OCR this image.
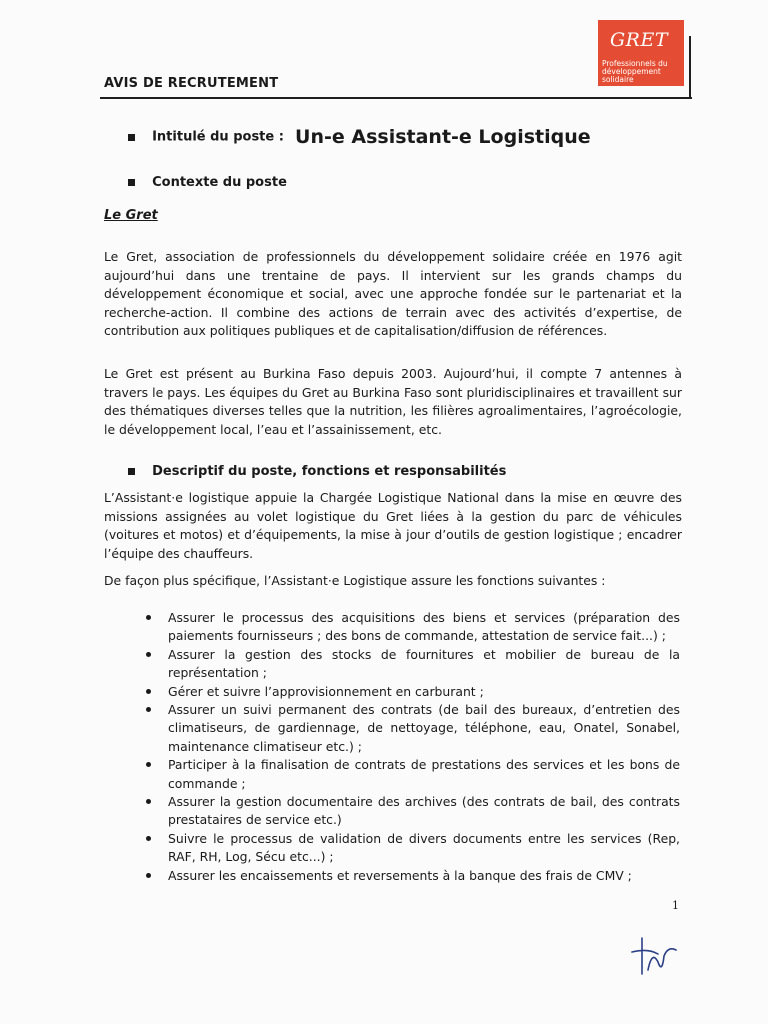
GRET
Professionnels du développement solidaire
AVIS DE RECRUTEMENT
Intitulé du poste : Un-e Assistant-e Logistique
Contexte du poste
Le Gret

Le Gret, association de professionnels du développement solidaire créée en 1976 agit aujourd’hui dans une trentaine de pays. Il intervient sur les grands champs du développement économique et social, avec une approche fondée sur le partenariat et la recherche-action. Il combine des actions de terrain avec des activités d’expertise, de contribution aux politiques publiques et de capitalisation/diffusion de références.

Le Gret est présent au Burkina Faso depuis 2003. Aujourd’hui, il compte 7 antennes à travers le pays. Les équipes du Gret au Burkina Faso sont pluridisciplinaires et travaillent sur des thématiques diverses telles que la nutrition, les filières agroalimentaires, l’agroécologie, le développement local, l’eau et l’assainissement, etc.

Descriptif du poste, fonctions et responsabilités

L’Assistant·e logistique appuie la Chargée Logistique National dans la mise en œuvre des missions assignées au volet logistique du Gret liées à la gestion du parc de véhicules (voitures et motos) et d’équipements, la mise à jour d’outils de gestion logistique ; encadrer l’équipe des chauffeurs.

De façon plus spécifique, l’Assistant·e Logistique assure les fonctions suivantes :

Assurer le processus des acquisitions des biens et services (préparation des paiements fournisseurs ; des bons de commande, attestation de service fait...) ;
Assurer la gestion des stocks de fournitures et mobilier de bureau de la représentation ;
Gérer et suivre l’approvisionnement en carburant ;
Assurer un suivi permanent des contrats (de bail des bureaux, d’entretien des climatiseurs, de gardiennage, de nettoyage, téléphone, eau, Onatel, Sonabel, maintenance climatiseur etc.) ;
Participer à la finalisation de contrats de prestations des services et les bons de commande ;
Assurer la gestion documentaire des archives (des contrats de bail, des contrats prestataires de service etc.)
Suivre le processus de validation de divers documents entre les services (Rep, RAF, RH, Log, Sécu etc...) ;
Assurer les encaissements et reversements à la banque des frais de CMV ;
1
